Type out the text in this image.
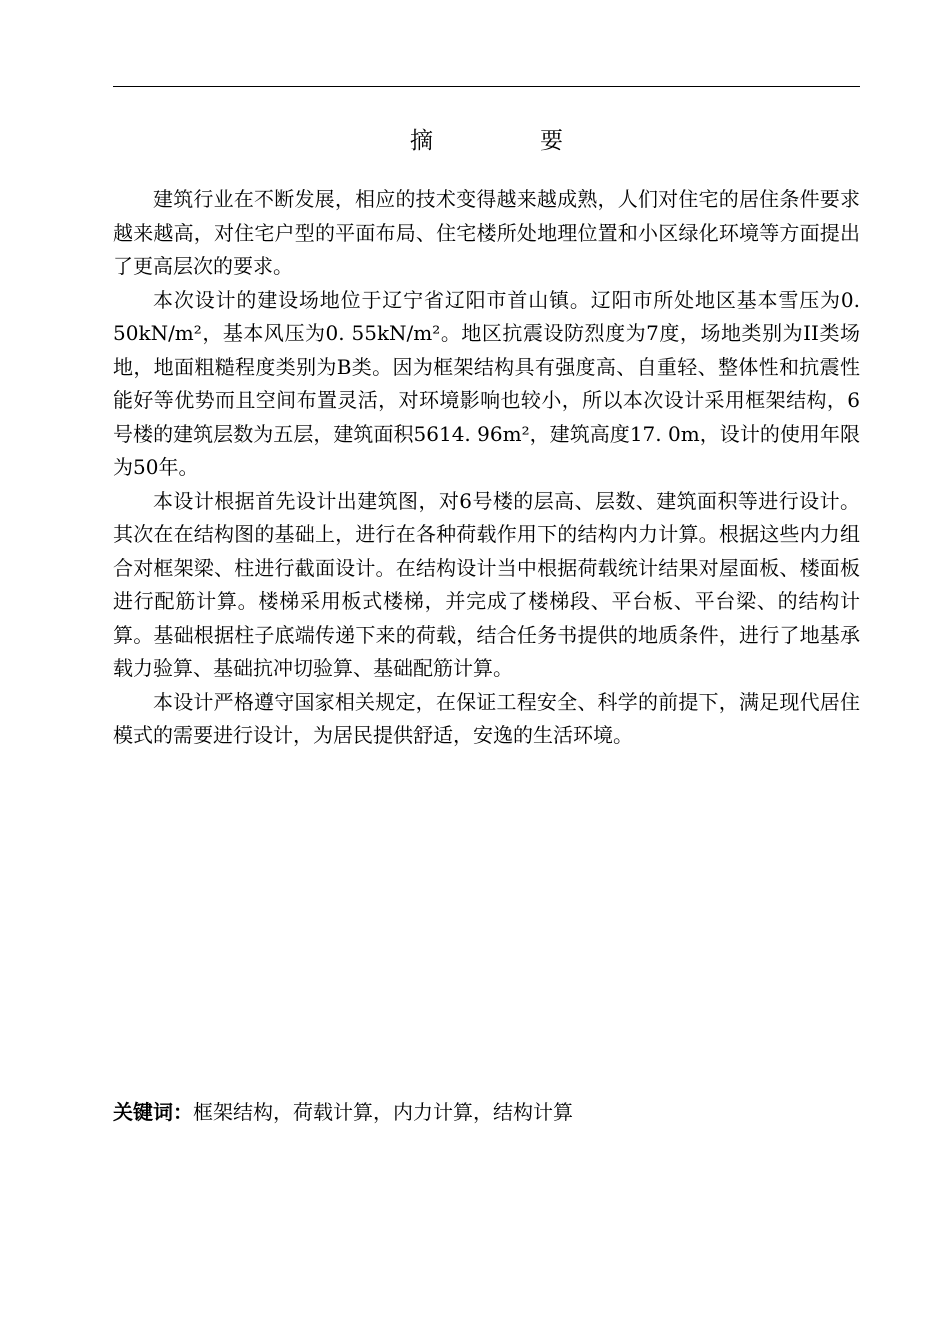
摘　要

建筑行业在不断发展，相应的技术变得越来越成熟，人们对住宅的居住条件要求越来越高，对住宅户型的平面布局、住宅楼所处地理位置和小区绿化环境等方面提出了更高层次的要求。

本次设计的建设场地位于辽宁省辽阳市首山镇。辽阳市所处地区基本雪压为0. 50kN/m²，基本风压为0. 55kN/m²。地区抗震设防烈度为7度，场地类别为II类场地，地面粗糙程度类别为B类。因为框架结构具有强度高、自重轻、整体性和抗震性能好等优势而且空间布置灵活，对环境影响也较小，所以本次设计采用框架结构，6号楼的建筑层数为五层，建筑面积5614. 96m²，建筑高度17. 0m，设计的使用年限为50年。

本设计根据首先设计出建筑图，对6号楼的层高、层数、建筑面积等进行设计。其次在在结构图的基础上，进行在各种荷载作用下的结构内力计算。根据这些内力组合对框架梁、柱进行截面设计。在结构设计当中根据荷载统计结果对屋面板、楼面板进行配筋计算。楼梯采用板式楼梯，并完成了楼梯段、平台板、平台梁、的结构计算。基础根据柱子底端传递下来的荷载，结合任务书提供的地质条件，进行了地基承载力验算、基础抗冲切验算、基础配筋计算。

本设计严格遵守国家相关规定，在保证工程安全、科学的前提下，满足现代居住模式的需要进行设计，为居民提供舒适，安逸的生活环境。

关键词：框架结构，荷载计算，内力计算，结构计算
